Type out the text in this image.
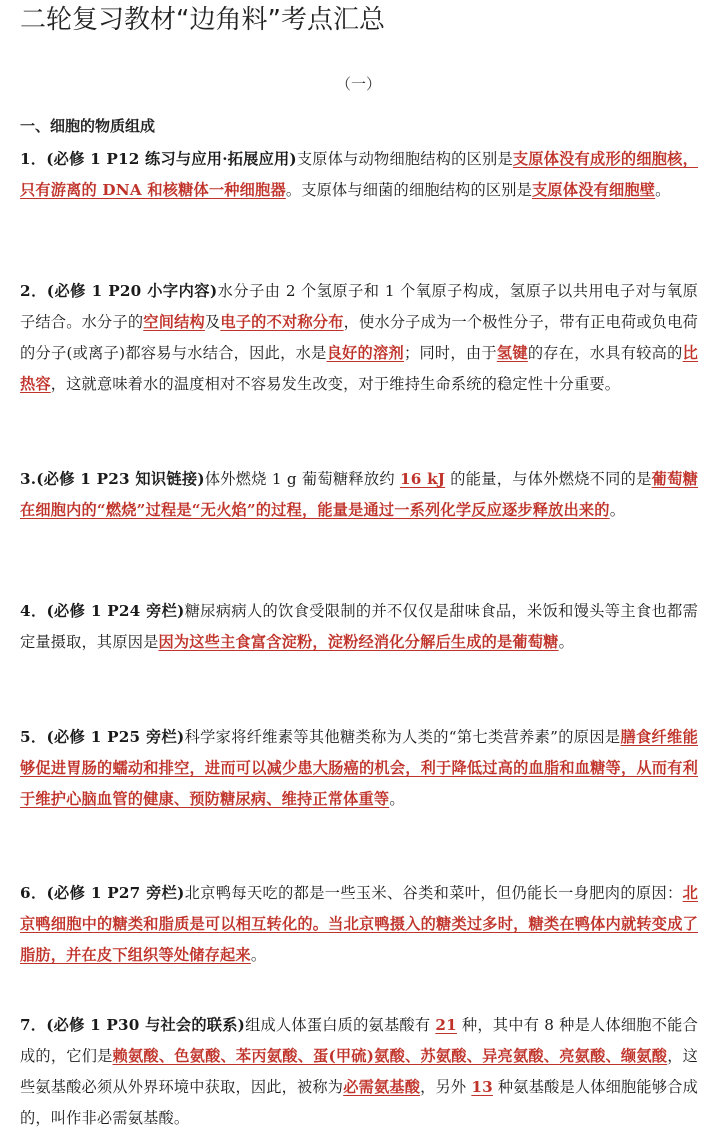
二轮复习教材“边角料”考点汇总
（一）
一、细胞的物质组成
1．(必修 1 P12 练习与应用·拓展应用)支原体与动物细胞结构的区别是支原体没有成形的细胞核，只有游离的 DNA 和核糖体一种细胞器。支原体与细菌的细胞结构的区别是支原体没有细胞壁。
2．(必修 1 P20 小字内容)水分子由 2 个氢原子和 1 个氧原子构成，氢原子以共用电子对与氧原子结合。水分子的空间结构及电子的不对称分布，使水分子成为一个极性分子，带有正电荷或负电荷的分子(或离子)都容易与水结合，因此，水是良好的溶剂；同时，由于氢键的存在，水具有较高的比热容，这就意味着水的温度相对不容易发生改变，对于维持生命系统的稳定性十分重要。
3.(必修 1 P23 知识链接)体外燃烧 1 g 葡萄糖释放约 16 kJ 的能量，与体外燃烧不同的是葡萄糖在细胞内的“燃烧”过程是“无火焰”的过程，能量是通过一系列化学反应逐步释放出来的。
4．(必修 1 P24 旁栏)糖尿病病人的饮食受限制的并不仅仅是甜味食品，米饭和馒头等主食也都需定量摄取，其原因是因为这些主食富含淀粉，淀粉经消化分解后生成的是葡萄糖。
5．(必修 1 P25 旁栏)科学家将纤维素等其他糖类称为人类的“第七类营养素”的原因是膳食纤维能够促进胃肠的蠕动和排空，进而可以减少患大肠癌的机会，利于降低过高的血脂和血糖等，从而有利于维护心脑血管的健康、预防糖尿病、维持正常体重等。
6．(必修 1 P27 旁栏)北京鸭每天吃的都是一些玉米、谷类和菜叶，但仍能长一身肥肉的原因：北京鸭细胞中的糖类和脂质是可以相互转化的。当北京鸭摄入的糖类过多时，糖类在鸭体内就转变成了脂肪，并在皮下组织等处储存起来。
7．(必修 1 P30 与社会的联系)组成人体蛋白质的氨基酸有 21 种，其中有 8 种是人体细胞不能合成的，它们是赖氨酸、色氨酸、苯丙氨酸、蛋(甲硫)氨酸、苏氨酸、异亮氨酸、亮氨酸、缬氨酸，这些氨基酸必须从外界环境中获取，因此，被称为必需氨基酸，另外 13 种氨基酸是人体细胞能够合成的，叫作非必需氨基酸。
